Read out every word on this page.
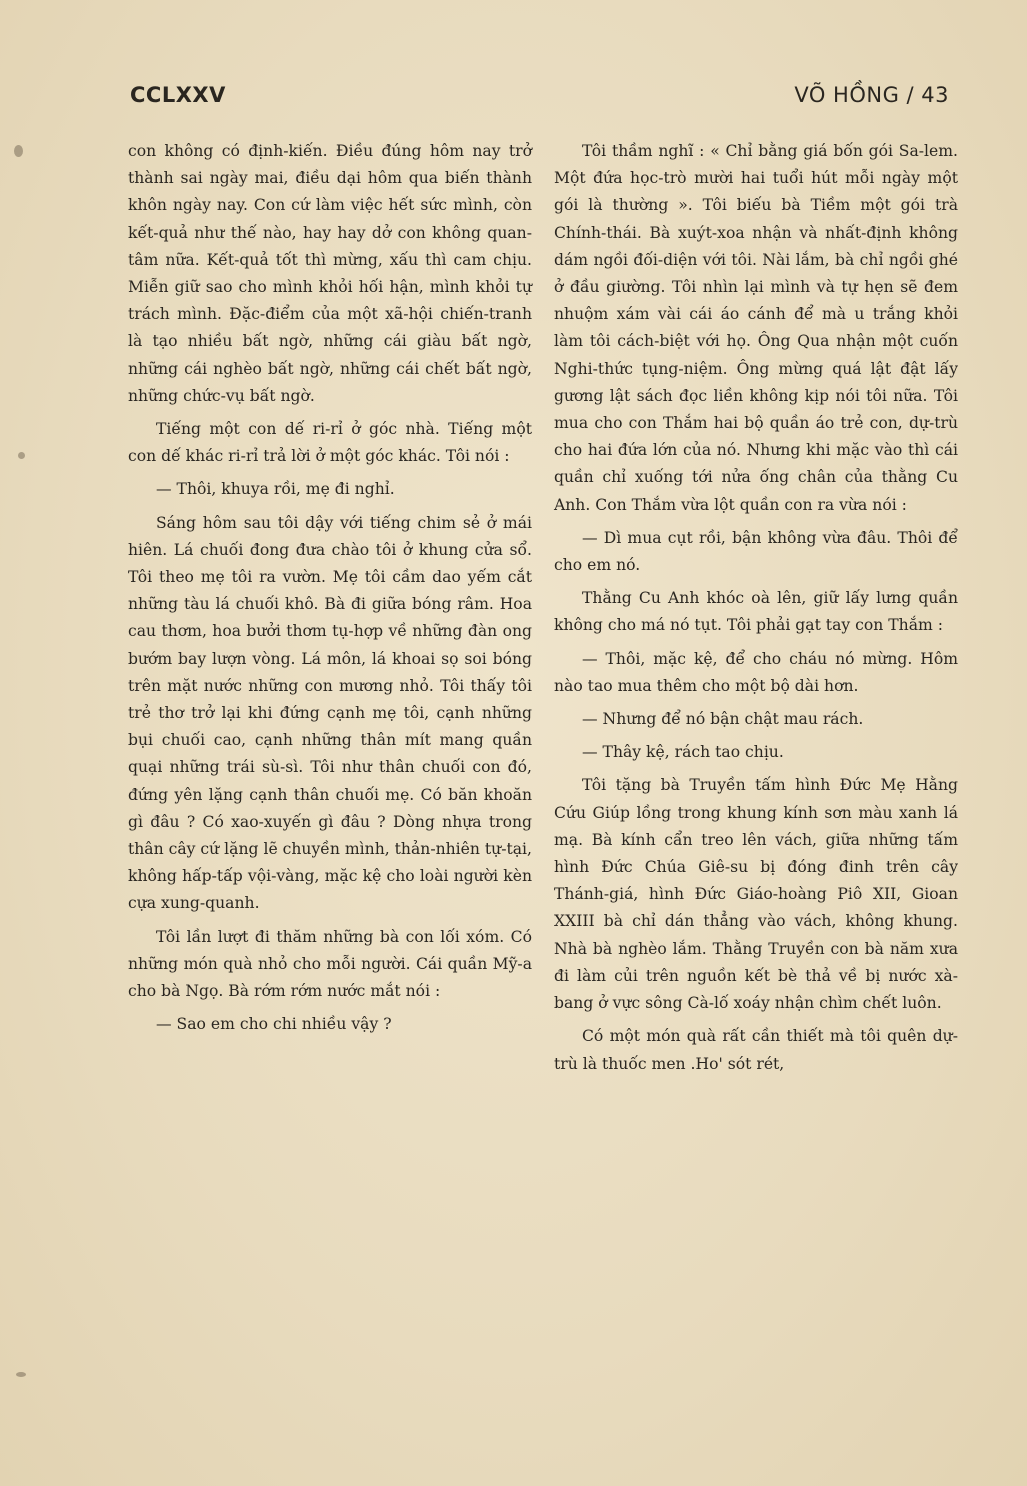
CCLXXV	VÕ HỒNG / 43

con không có định-kiến. Điều đúng hôm nay trở thành sai ngày mai, điều dại hôm qua biến thành khôn ngày nay. Con cứ làm việc hết sức mình, còn kết-quả như thế nào, hay hay dở con không quan-tâm nữa. Kết-quả tốt thì mừng, xấu thì cam chịu. Miễn giữ sao cho mình khỏi hối hận, mình khỏi tự trách mình. Đặc-điểm của một xã-hội chiến-tranh là tạo nhiều bất ngờ, những cái giàu bất ngờ, những cái nghèo bất ngờ, những cái chết bất ngờ, những chức-vụ bất ngờ.

Tiếng một con dế ri-rỉ ở góc nhà. Tiếng một con dế khác ri-rỉ trả lời ở một góc khác. Tôi nói :

— Thôi, khuya rồi, mẹ đi nghỉ.

Sáng hôm sau tôi dậy với tiếng chim sẻ ở mái hiên. Lá chuối đong đưa chào tôi ở khung cửa sổ. Tôi theo mẹ tôi ra vườn. Mẹ tôi cầm dao yếm cắt những tàu lá chuối khô. Bà đi giữa bóng râm. Hoa cau thơm, hoa bưởi thơm tụ-hợp về những đàn ong bướm bay lượn vòng. Lá môn, lá khoai sọ soi bóng trên mặt nước những con mương nhỏ. Tôi thấy tôi trẻ thơ trở lại khi đứng cạnh mẹ tôi, cạnh những bụi chuối cao, cạnh những thân mít mang quần quại những trái sù-sì. Tôi như thân chuối con đó, đứng yên lặng cạnh thân chuối mẹ. Có băn khoăn gì đâu ? Có xao-xuyến gì đâu ? Dòng nhựa trong thân cây cứ lặng lẽ chuyền mình, thản-nhiên tự-tại, không hấp-tấp vội-vàng, mặc kệ cho loài người kèn cựa xung-quanh.

Tôi lần lượt đi thăm những bà con lối xóm. Có những món quà nhỏ cho mỗi người. Cái quần Mỹ-a cho bà Ngọ. Bà rớm rớm nước mắt nói :

— Sao em cho chi nhiều vậy ?

Tôi thầm nghĩ : « Chỉ bằng giá bốn gói Sa-lem. Một đứa học-trò mười hai tuổi hút mỗi ngày một gói là thường ». Tôi biếu bà Tiềm một gói trà Chính-thái. Bà xuýt-xoa nhận và nhất-định không dám ngồi đối-diện với tôi. Nài lắm, bà chỉ ngồi ghé ở đầu giường. Tôi nhìn lại mình và tự hẹn sẽ đem nhuộm xám vài cái áo cánh để mà u trắng khỏi làm tôi cách-biệt với họ. Ông Qua nhận một cuốn Nghi-thức tụng-niệm. Ông mừng quá lật đật lấy gương lật sách đọc liền không kịp nói tôi nữa. Tôi mua cho con Thắm hai bộ quần áo trẻ con, dự-trù cho hai đứa lớn của nó. Nhưng khi mặc vào thì cái quần chỉ xuống tới nửa ống chân của thằng Cu Anh. Con Thắm vừa lột quần con ra vừa nói :

— Dì mua cụt rồi, bận không vừa đâu. Thôi để cho em nó.

Thằng Cu Anh khóc oà lên, giữ lấy lưng quần không cho má nó tụt. Tôi phải gạt tay con Thắm :

— Thôi, mặc kệ, để cho cháu nó mừng. Hôm nào tao mua thêm cho một bộ dài hơn.

— Nhưng để nó bận chật mau rách.

— Thây kệ, rách tao chịu.

Tôi tặng bà Truyền tấm hình Đức Mẹ Hằng Cứu Giúp lồng trong khung kính sơn màu xanh lá mạ. Bà kính cẩn treo lên vách, giữa những tấm hình Đức Chúa Giê-su bị đóng đinh trên cây Thánh-giá, hình Đức Giáo-hoàng Piô XII, Gioan XXIII bà chỉ dán thẳng vào vách, không khung. Nhà bà nghèo lắm. Thằng Truyền con bà năm xưa đi làm củi trên nguồn kết bè thả về bị nước xà-bang ở vực sông Cà-lố xoáy nhận chìm chết luôn.

Có một món quà rất cần thiết mà tôi quên dự-trù là thuốc men .Ho' sót rét,
